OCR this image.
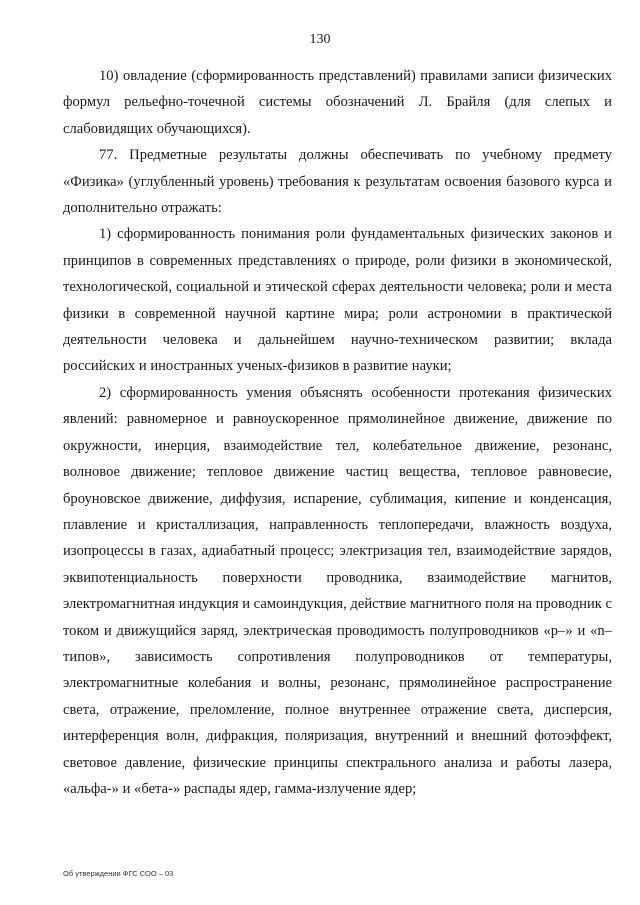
130

10) овладение (сформированность представлений) правилами записи физических формул рельефно-точечной системы обозначений Л. Брайля (для слепых и слабовидящих обучающихся).

77. Предметные результаты должны обеспечивать по учебному предмету «Физика» (углубленный уровень) требования к результатам освоения базового курса и дополнительно отражать:

1) сформированность понимания роли фундаментальных физических законов и принципов в современных представлениях о природе, роли физики в экономической, технологической, социальной и этической сферах деятельности человека; роли и места физики в современной научной картине мира; роли астрономии в практической деятельности человека и дальнейшем научно-техническом развитии; вклада российских и иностранных ученых-физиков в развитие науки;

2) сформированность умения объяснять особенности протекания физических явлений: равномерное и равноускоренное прямолинейное движение, движение по окружности, инерция, взаимодействие тел, колебательное движение, резонанс, волновое движение; тепловое движение частиц вещества, тепловое равновесие, броуновское движение, диффузия, испарение, сублимация, кипение и конденсация, плавление и кристаллизация, направленность теплопередачи, влажность воздуха, изопроцессы в газах, адиабатный процесс; электризация тел, взаимодействие зарядов, эквипотенциальность поверхности проводника, взаимодействие магнитов, электромагнитная индукция и самоиндукция, действие магнитного поля на проводник с током и движущийся заряд, электрическая проводимость полупроводников «p–» и «n–типов», зависимость сопротивления полупроводников от температуры, электромагнитные колебания и волны, резонанс, прямолинейное распространение света, отражение, преломление, полное внутреннее отражение света, дисперсия, интерференция волн, дифракция, поляризация, внутренний и внешний фотоэффект, световое давление, физические принципы спектрального анализа и работы лазера, «альфа-» и «бета-» распады ядер, гамма-излучение ядер;

Об утверждении ФГС СОО – 03
